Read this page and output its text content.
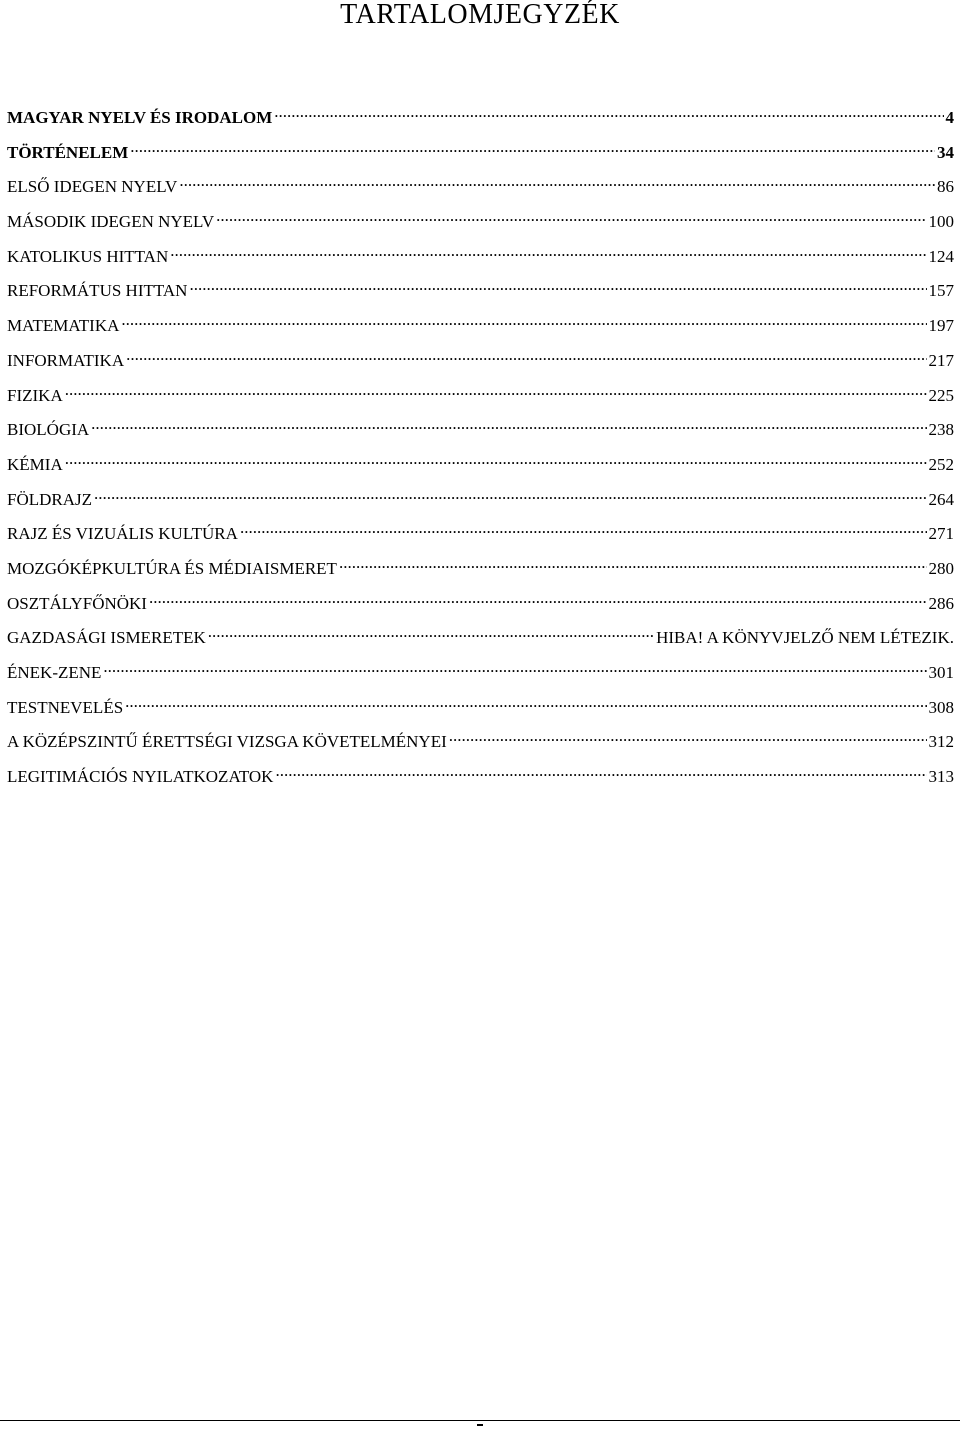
TARTALOMJEGYZÉK
MAGYAR NYELV ÉS IRODALOM .....	4
TÖRTÉNELEM .....	34
ELSŐ IDEGEN NYELV .....	86
MÁSODIK IDEGEN NYELV .....	100
KATOLIKUS HITTAN .....	124
REFORMÁTUS HITTAN .....	157
MATEMATIKA .....	197
INFORMATIKA .....	217
FIZIKA .....	225
BIOLÓGIA .....	238
KÉMIA .....	252
FÖLDRAJZ .....	264
RAJZ ÉS VIZUÁLIS KULTÚRA .....	271
MOZGÓKÉPKULTÚRA ÉS MÉDIAISMERET .....	280
OSZTÁLYFŐNÖKI .....	286
GAZDASÁGI ISMERETEK .....	HIBA! A KÖNYVJELZŐ NEM LÉTEZIK.
ÉNEK-ZENE .....	301
TESTNEVELÉS .....	308
A KÖZÉPSZINTŰ ÉRETTSÉGI VIZSGA KÖVETELMÉNYEI .....	312
LEGITIMÁCIÓS NYILATKOZATOK .....	313
